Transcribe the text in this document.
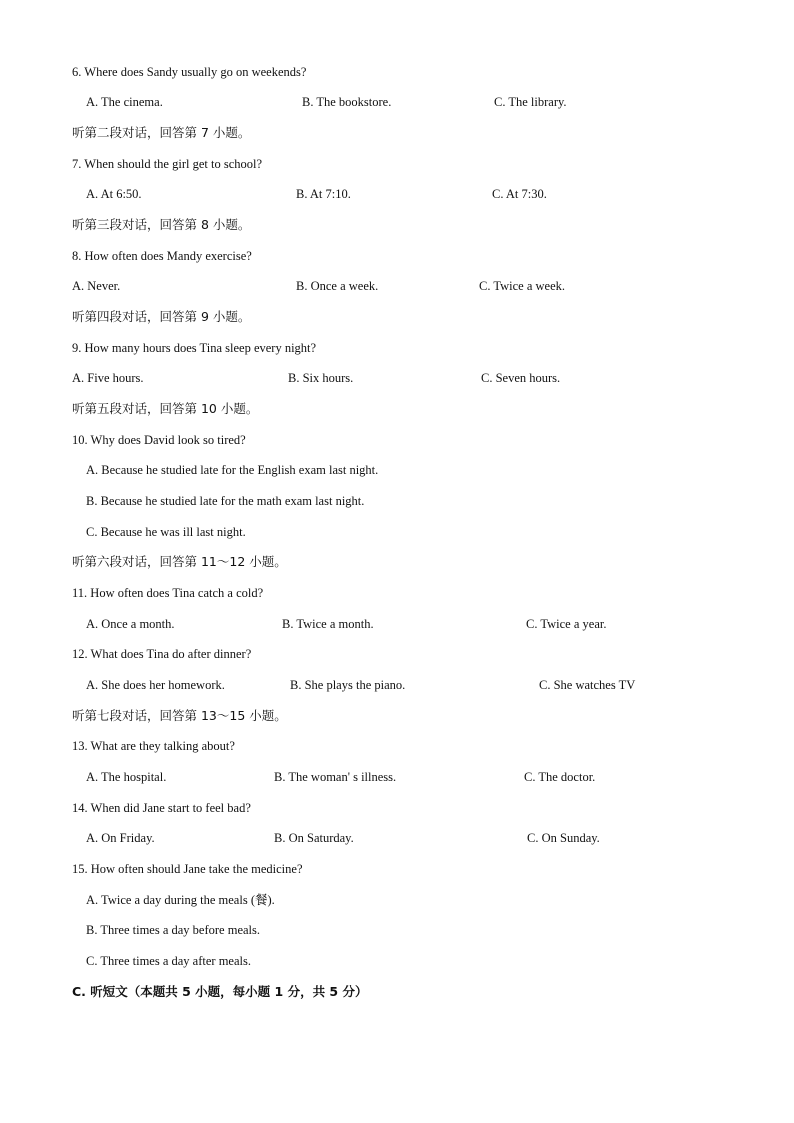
6. Where does Sandy usually go on weekends?
A. The cinema.	B. The bookstore.	C. The library.
听第二段对话，回答第 7 小题。
7. When should the girl get to school?
A. At 6:50.	B. At 7:10.	C. At 7:30.
听第三段对话，回答第 8 小题。
8. How often does Mandy exercise?
A. Never.	B. Once a week.	C. Twice a week.
听第四段对话，回答第 9 小题。
9. How many hours does Tina sleep every night?
A. Five hours.	B. Six hours.	C. Seven hours.
听第五段对话，回答第 10 小题。
10. Why does David look so tired?
A. Because he studied late for the English exam last night.
B. Because he studied late for the math exam last night.
C. Because he was ill last night.
听第六段对话，回答第 11～12 小题。
11. How often does Tina catch a cold?
A. Once a month.	B. Twice a month.	C. Twice a year.
12. What does Tina do after dinner?
A. She does her homework.	B. She plays the piano.	C. She watches TV
听第七段对话，回答第 13～15 小题。
13. What are they talking about?
A. The hospital.	B. The woman' s illness.	C. The doctor.
14. When did Jane start to feel bad?
A. On Friday.	B. On Saturday.	C. On Sunday.
15. How often should Jane take the medicine?
A. Twice a day during the meals (餐).
B. Three times a day before meals.
C. Three times a day after meals.
C. 听短文（本题共 5 小题，每小题 1 分，共 5 分）
